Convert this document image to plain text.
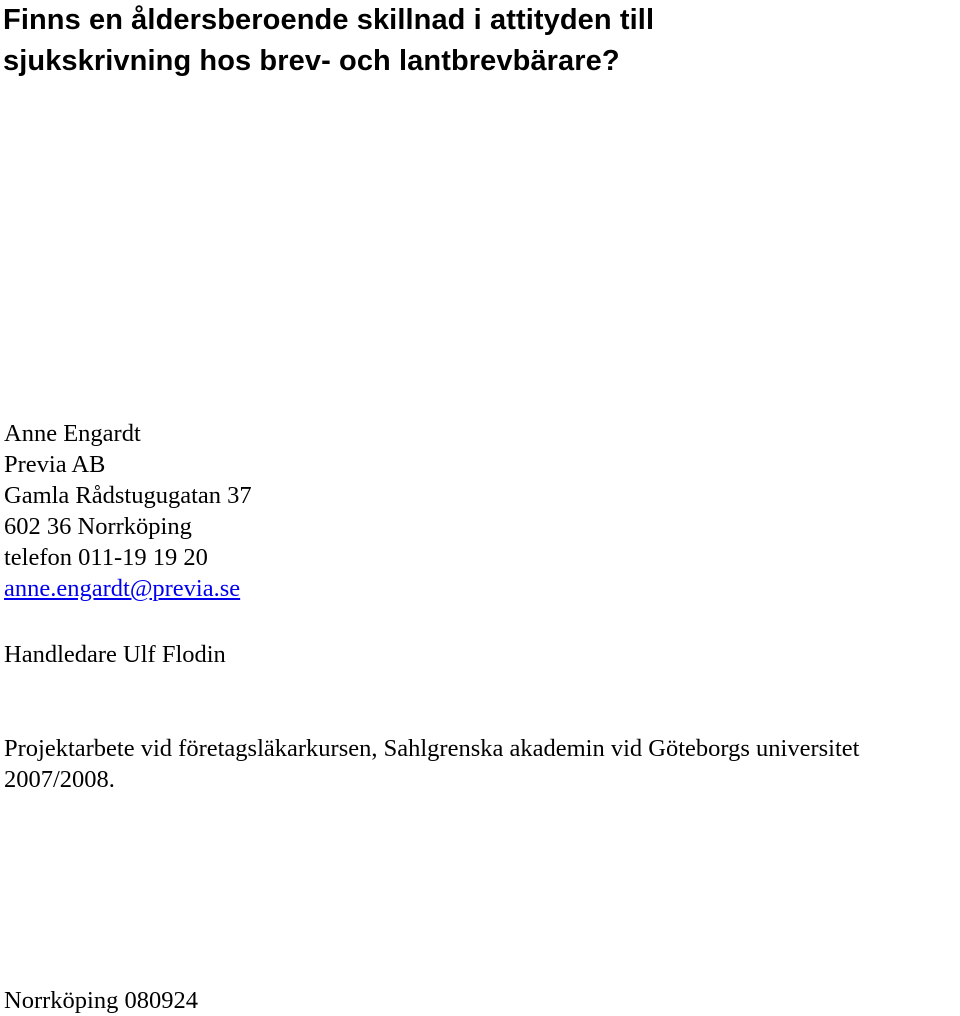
Finns en åldersberoende skillnad i attityden till
sjukskrivning hos brev- och lantbrevbärare?
Anne Engardt
Previa AB
Gamla Rådstugugatan 37
602 36 Norrköping
telefon 011-19 19 20
anne.engardt@previa.se
Handledare Ulf Flodin
Projektarbete vid företagsläkarkursen, Sahlgrenska akademin vid Göteborgs universitet
2007/2008.
Norrköping 080924
